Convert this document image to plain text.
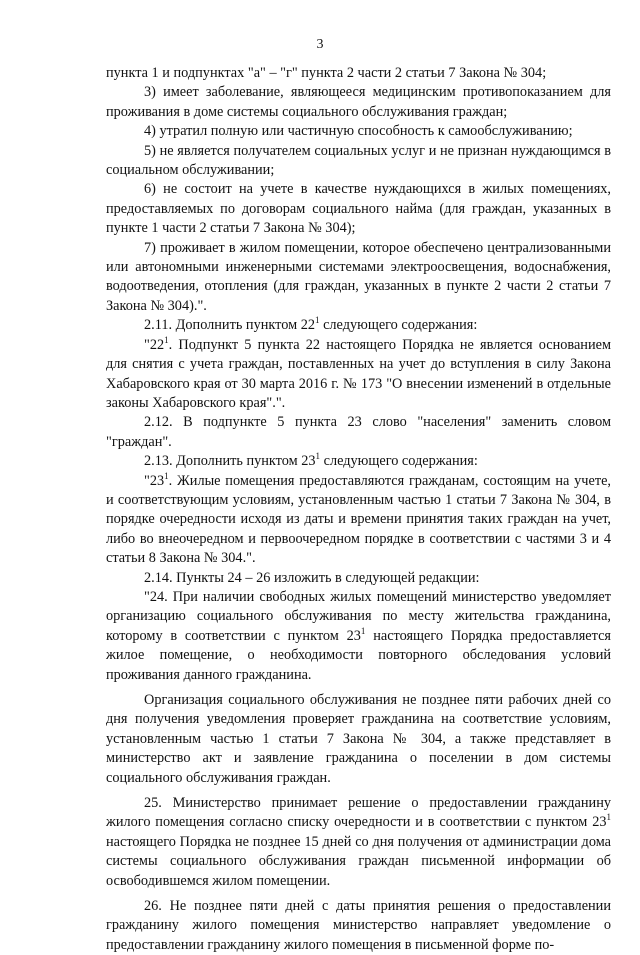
3

пункта 1 и подпунктах "а" – "г" пункта 2 части 2 статьи 7 Закона № 304;

3) имеет заболевание, являющееся медицинским противопоказанием для проживания в доме системы социального обслуживания граждан;

4) утратил полную или частичную способность к самообслуживанию;

5) не является получателем социальных услуг и не признан нуждающимся в социальном обслуживании;

6) не состоит на учете в качестве нуждающихся в жилых помещениях, предоставляемых по договорам социального найма (для граждан, указанных в пункте 1 части 2 статьи 7 Закона № 304);

7) проживает в жилом помещении, которое обеспечено централизованными или автономными инженерными системами электроосвещения, водоснабжения, водоотведения, отопления (для граждан, указанных в пункте 2 части 2 статьи 7 Закона № 304).".

2.11. Дополнить пунктом $22^1$ следующего содержания:

"$22^1$. Подпункт 5 пункта 22 настоящего Порядка не является основанием для снятия с учета граждан, поставленных на учет до вступления в силу Закона Хабаровского края от 30 марта 2016 г. № 173 "О внесении изменений в отдельные законы Хабаровского края".".

2.12. В подпункте 5 пункта 23 слово "населения" заменить словом "граждан".

2.13. Дополнить пунктом $23^1$ следующего содержания:

"$23^1$. Жилые помещения предоставляются гражданам, состоящим на учете, и соответствующим условиям, установленным частью 1 статьи 7 Закона № 304, в порядке очередности исходя из даты и времени принятия таких граждан на учет, либо во внеочередном и первоочередном порядке в соответствии с частями 3 и 4 статьи 8 Закона № 304.".

2.14. Пункты 24 – 26 изложить в следующей редакции:

"24. При наличии свободных жилых помещений министерство уведомляет организацию социального обслуживания по месту жительства гражданина, которому в соответствии с пунктом $23^1$ настоящего Порядка предоставляется жилое помещение, о необходимости повторного обследования условий проживания данного гражданина.

Организация социального обслуживания не позднее пяти рабочих дней со дня получения уведомления проверяет гражданина на соответствие условиям, установленным частью 1 статьи 7 Закона № 304, а также представляет в министерство акт и заявление гражданина о поселении в дом системы социального обслуживания граждан.

25. Министерство принимает решение о предоставлении гражданину жилого помещения согласно списку очередности и в соответствии с пунктом $23^1$ настоящего Порядка не позднее 15 дней со дня получения от администрации дома системы социального обслуживания граждан письменной информации об освободившемся жилом помещении.

26. Не позднее пяти дней с даты принятия решения о предоставлении гражданину жилого помещения министерство направляет уведомление о предоставлении гражданину жилого помещения в письменной форме по-
